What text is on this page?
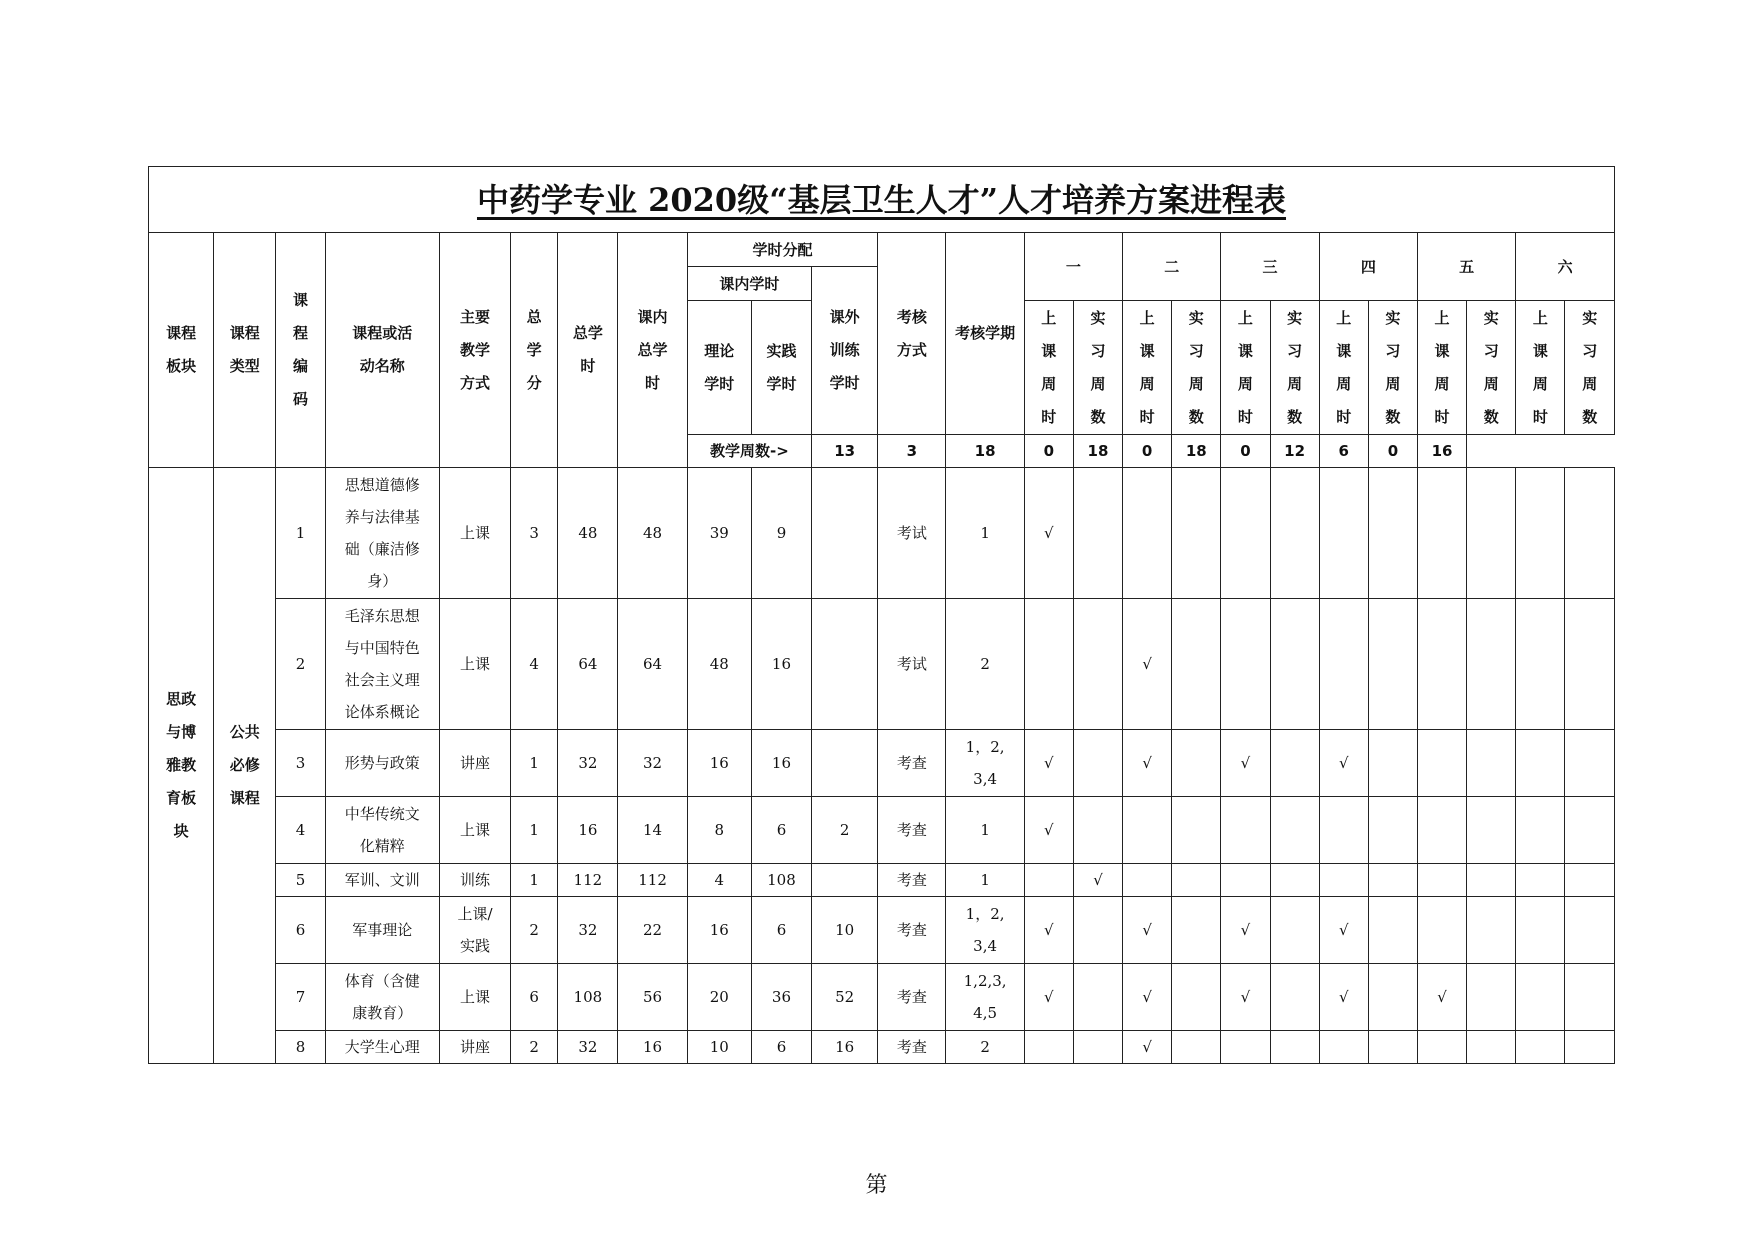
中药学专业 2020级“基层卫生人才”人才培养方案进程表																								
课程板块	课程类型	课程编码	课程或活动名称	主要教学方式	总学分	总学时	课内总学时	学时分配			考核方式	考核学期	一		二		三		四		五		六	
								课内学时		课外训练学时														
								理论学时	实践学时				上课周时	实习周数	上课周时	实习周数	上课周时	实习周数	上课周时	实习周数	上课周时	实习周数	上课周时	实习周数

								教学周数->		13	3	18	0	18	0	18	0	12	6	0	16			
思政与博雅教育板块	公共必修课程	1	思想道德修养与法律基础（廉洁修身）	上课	3	48	48	39	9		考试	1	√											
		2	毛泽东思想与中国特色社会主义理论体系概论	上课	4	64	64	48	16		考试	2			√									
		3	形势与政策	讲座	1	32	32	16	16		考查	1，2,3,4	√		√		√		√					
		4	中华传统文化精粹	上课	1	16	14	8	6	2	考查	1	√											
		5	军训、文训	训练	1	112	112	4	108		考查	1		√										
		6	军事理论	上课/实践	2	32	22	16	6	10	考查	1，2,3,4	√		√		√		√					
		7	体育（含健康教育）	上课	6	108	56	20	36	52	考查	1,2,3,4,5	√		√		√		√		√			
		8	大学生心理	讲座	2	32	16	10	6	16	考查	2			√									
第
